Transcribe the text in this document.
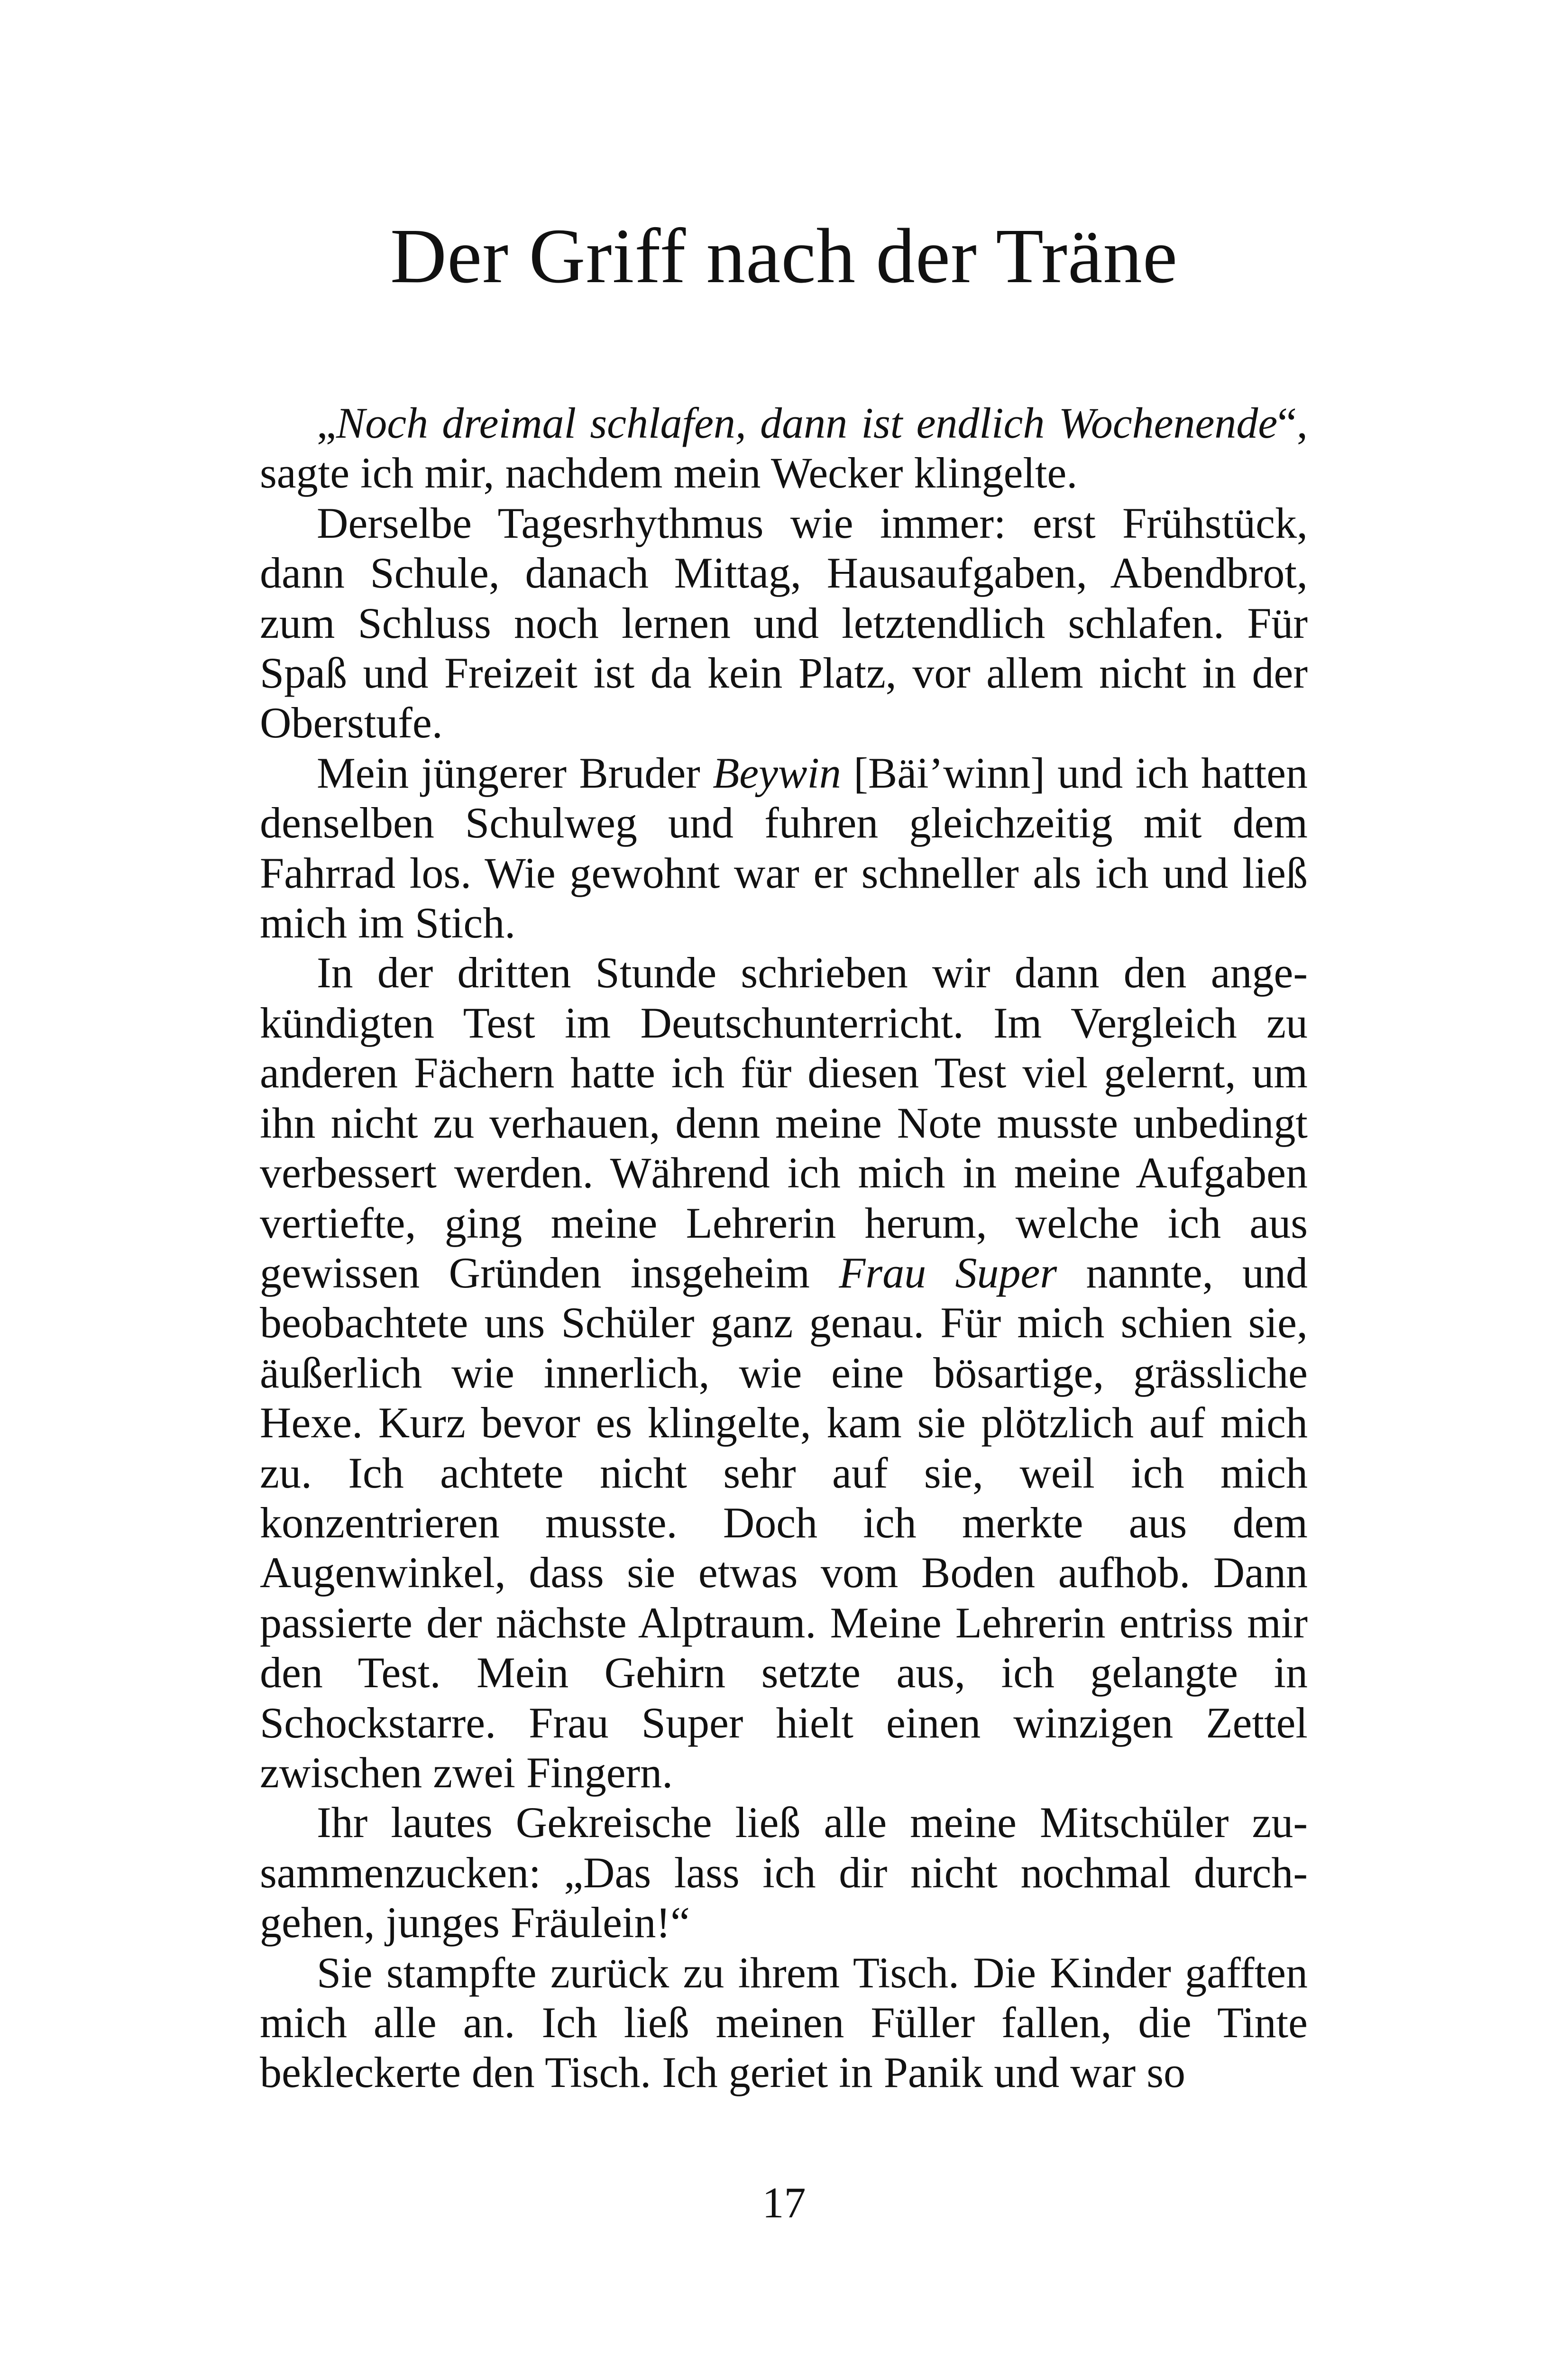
Der Griff nach der Träne

„Noch dreimal schlafen, dann ist endlich Wochenende“, sagte ich mir, nachdem mein Wecker klingelte.

Derselbe Tagesrhythmus wie immer: erst Frühstück, dann Schule, danach Mittag, Hausaufgaben, Abendbrot, zum Schluss noch lernen und letztendlich schlafen. Für Spaß und Freizeit ist da kein Platz, vor allem nicht in der Oberstufe.

Mein jüngerer Bruder Beywin [Bäi’winn] und ich hatten denselben Schulweg und fuhren gleichzeitig mit dem Fahrrad los. Wie gewohnt war er schneller als ich und ließ mich im Stich.

In der dritten Stunde schrieben wir dann den angekündigten Test im Deutschunterricht. Im Vergleich zu anderen Fächern hatte ich für diesen Test viel gelernt, um ihn nicht zu verhauen, denn meine Note musste unbedingt verbessert werden. Während ich mich in meine Aufgaben vertiefte, ging meine Lehrerin herum, welche ich aus gewissen Gründen insgeheim Frau Super nannte, und beobachtete uns Schüler ganz genau. Für mich schien sie, äußerlich wie innerlich, wie eine bösartige, grässliche Hexe. Kurz bevor es klingelte, kam sie plötzlich auf mich zu. Ich achtete nicht sehr auf sie, weil ich mich konzentrieren musste. Doch ich merkte aus dem Augenwinkel, dass sie etwas vom Boden aufhob. Dann passierte der nächste Alptraum. Meine Lehrerin entriss mir den Test. Mein Gehirn setzte aus, ich gelangte in Schockstarre. Frau Super hielt einen winzigen Zettel zwischen zwei Fingern.

Ihr lautes Gekreische ließ alle meine Mitschüler zusammenzucken: „Das lass ich dir nicht nochmal durchgehen, junges Fräulein!“

Sie stampfte zurück zu ihrem Tisch. Die Kinder gafften mich alle an. Ich ließ meinen Füller fallen, die Tinte bekleckerte den Tisch. Ich geriet in Panik und war so

17
